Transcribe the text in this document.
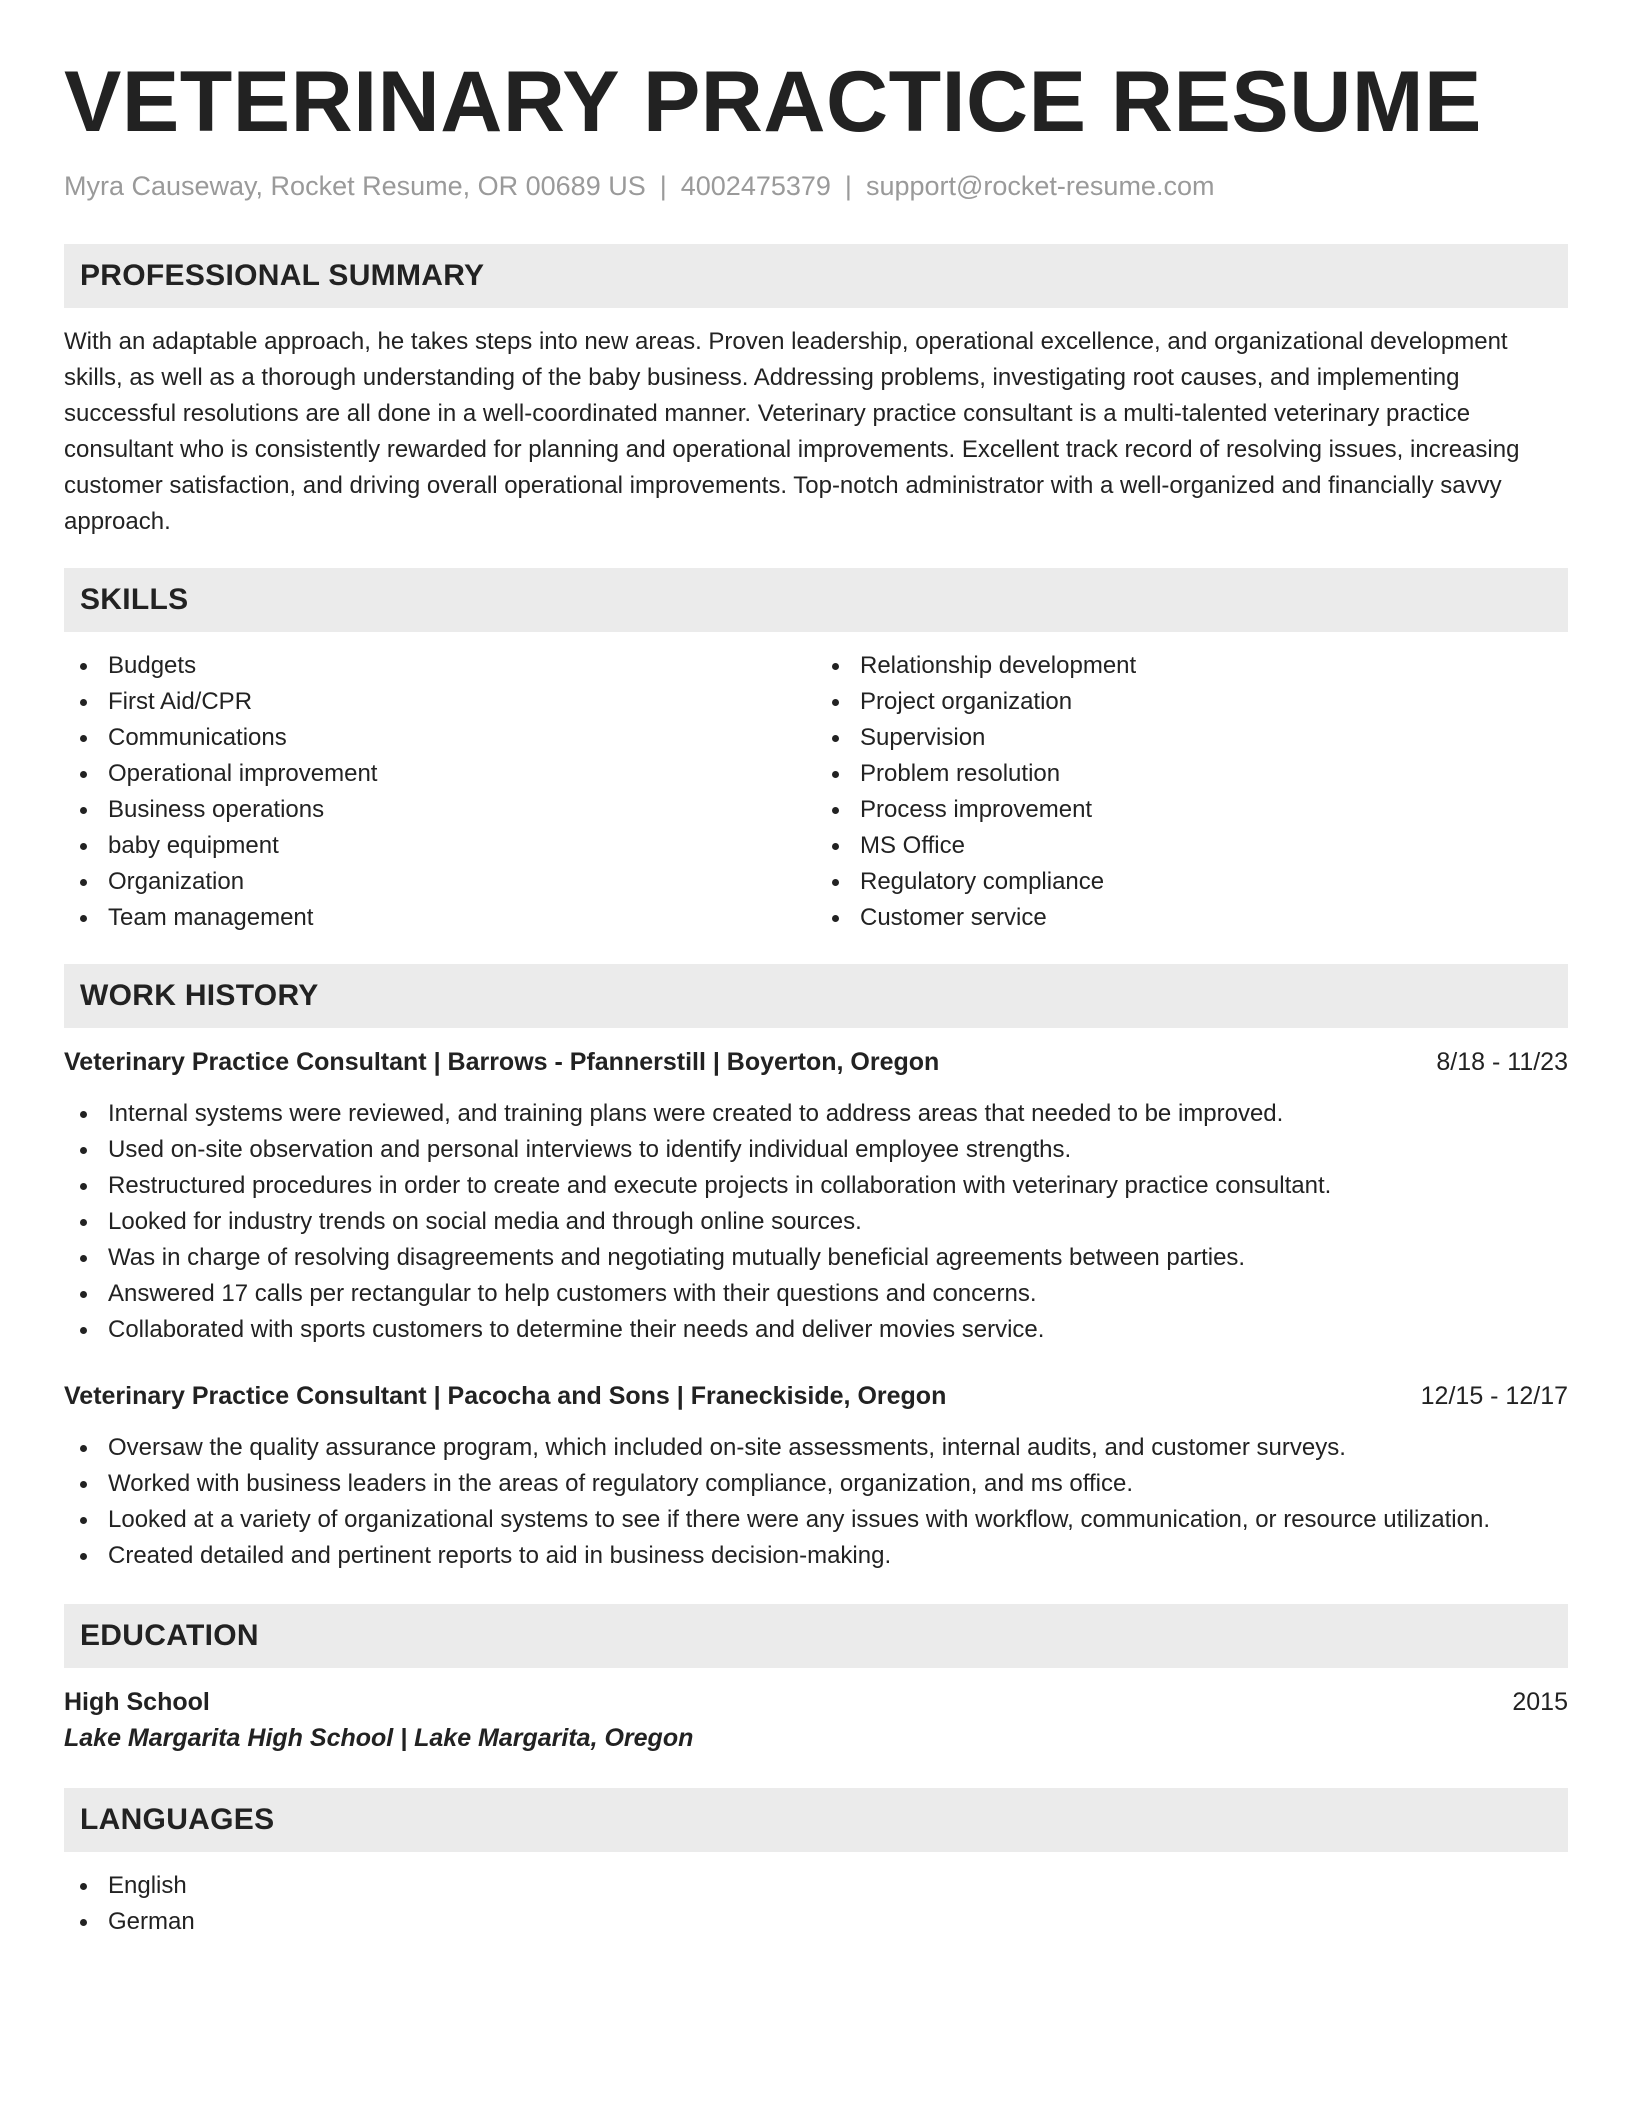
VETERINARY PRACTICE RESUME
Myra Causeway, Rocket Resume, OR 00689 US | 4002475379 | support@rocket-resume.com
PROFESSIONAL SUMMARY

With an adaptable approach, he takes steps into new areas. Proven leadership, operational excellence, and organizational development skills, as well as a thorough understanding of the baby business. Addressing problems, investigating root causes, and implementing successful resolutions are all done in a well-coordinated manner. Veterinary practice consultant is a multi-talented veterinary practice consultant who is consistently rewarded for planning and operational improvements. Excellent track record of resolving issues, increasing customer satisfaction, and driving overall operational improvements. Top-notch administrator with a well-organized and financially savvy approach.

SKILLS
Budgets
First Aid/CPR
Communications
Operational improvement
Business operations
baby equipment
Organization
Team management
Relationship development
Project organization
Supervision
Problem resolution
Process improvement
MS Office
Regulatory compliance
Customer service
WORK HISTORY
Veterinary Practice Consultant | Barrows - Pfannerstill | Boyerton, Oregon	8/18 - 11/23
Internal systems were reviewed, and training plans were created to address areas that needed to be improved.
Used on-site observation and personal interviews to identify individual employee strengths.
Restructured procedures in order to create and execute projects in collaboration with veterinary practice consultant.
Looked for industry trends on social media and through online sources.
Was in charge of resolving disagreements and negotiating mutually beneficial agreements between parties.
Answered 17 calls per rectangular to help customers with their questions and concerns.
Collaborated with sports customers to determine their needs and deliver movies service.
Veterinary Practice Consultant | Pacocha and Sons | Franeckiside, Oregon	12/15 - 12/17
Oversaw the quality assurance program, which included on-site assessments, internal audits, and customer surveys.
Worked with business leaders in the areas of regulatory compliance, organization, and ms office.
Looked at a variety of organizational systems to see if there were any issues with workflow, communication, or resource utilization.
Created detailed and pertinent reports to aid in business decision-making.
EDUCATION
High School	2015
Lake Margarita High School | Lake Margarita, Oregon
LANGUAGES
English
German
